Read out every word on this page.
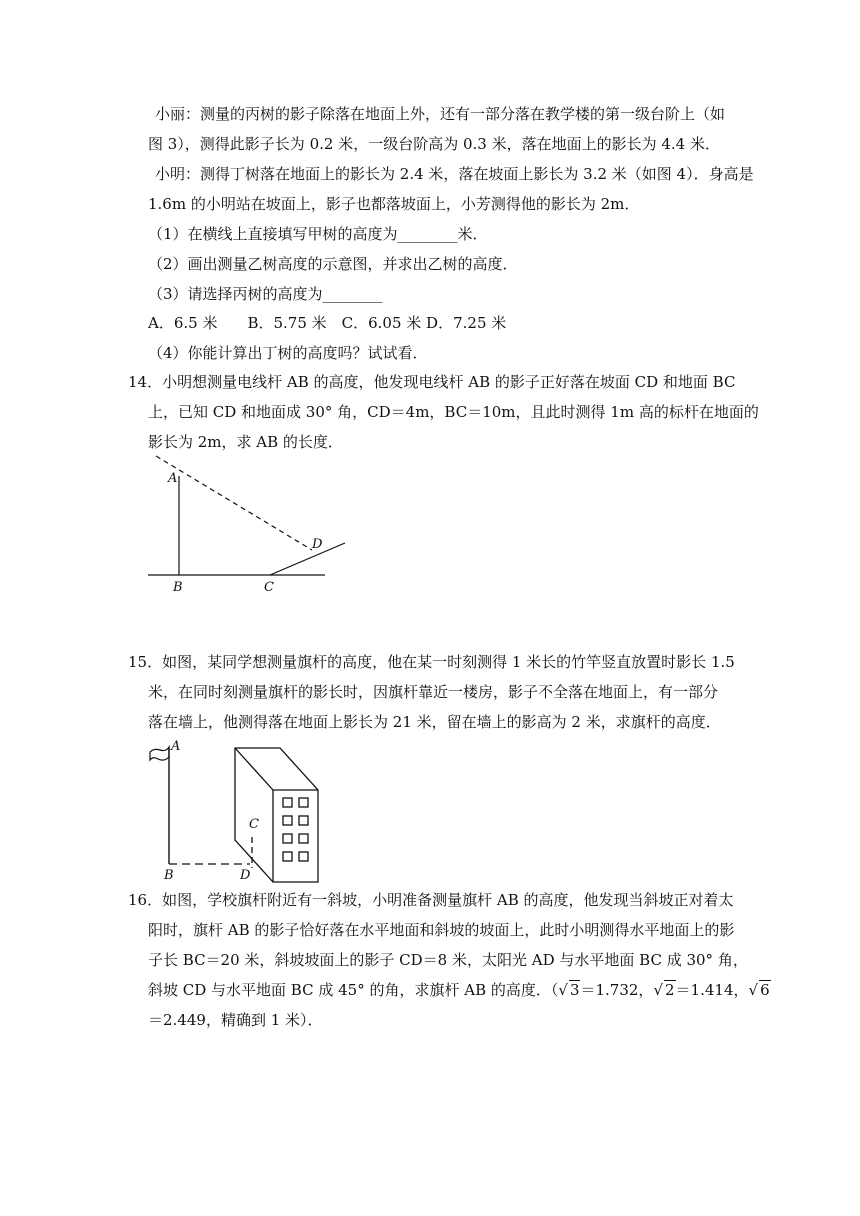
小丽：测量的丙树的影子除落在地面上外，还有一部分落在教学楼的第一级台阶上（如
图 3），测得此影子长为 0.2 米，一级台阶高为 0.3 米，落在地面上的影长为 4.4 米．
小明：测得丁树落在地面上的影长为 2.4 米，落在坡面上影长为 3.2 米（如图 4）．身高是
1.6m 的小明站在坡面上，影子也都落坡面上，小芳测得他的影长为 2m．
（1）在横线上直接填写甲树的高度为________米．
（2）画出测量乙树高度的示意图，并求出乙树的高度．
（3）请选择丙树的高度为________
A．6.5 米　　B．5.75 米　C．6.05 米 D．7.25 米
（4）你能计算出丁树的高度吗？试试看．
14．小明想测量电线杆 AB 的高度，他发现电线杆 AB 的影子正好落在坡面 CD 和地面 BC
上，已知 CD 和地面成 30° 角，CD＝4m，BC＝10m，且此时测得 1m 高的标杆在地面的
影长为 2m，求 AB 的长度．
A
B	C
D
15．如图，某同学想测量旗杆的高度，他在某一时刻测得 1 米长的竹竿竖直放置时影长 1.5
米，在同时刻测量旗杆的影长时，因旗杆靠近一楼房，影子不全落在地面上，有一部分
落在墙上，他测得落在地面上影长为 21 米，留在墙上的影高为 2 米，求旗杆的高度．
A
B
C
D
16．如图，学校旗杆附近有一斜坡，小明准备测量旗杆 AB 的高度，他发现当斜坡正对着太
阳时，旗杆 AB 的影子恰好落在水平地面和斜坡的坡面上，此时小明测得水平地面上的影
子长 BC＝20 米，斜坡坡面上的影子 CD＝8 米，太阳光 AD 与水平地面 BC 成 30° 角，
斜坡 CD 与水平地面 BC 成 45° 的角，求旗杆 AB 的高度．（√ 3＝1.732，√ 2＝1.414，√ 6
＝2.449，精确到 1 米）．
